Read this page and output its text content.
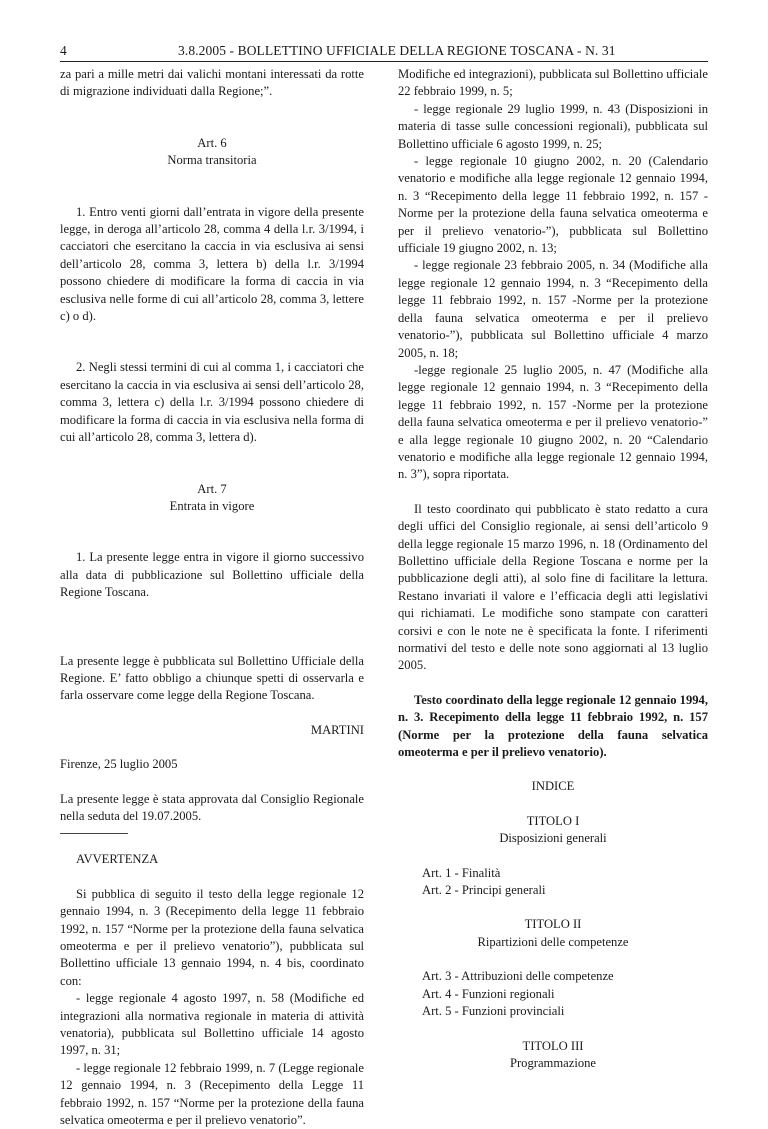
4	3.8.2005 - BOLLETTINO UFFICIALE DELLA REGIONE TOSCANA - N. 31

za pari a mille metri dai valichi montani interessati da rotte di migrazione individuati dalla Regione;”.

Art. 6

Norma transitoria

1. Entro venti giorni dall’entrata in vigore della presente legge, in deroga all’articolo 28, comma 4 della l.r. 3/1994, i cacciatori che esercitano la caccia in via esclusiva ai sensi dell’articolo 28, comma 3, lettera b) della l.r. 3/1994 possono chiedere di modificare la forma di caccia in via esclusiva nelle forme di cui all’articolo 28, comma 3, lettere c) o d).

2. Negli stessi termini di cui al comma 1, i cacciatori che esercitano la caccia in via esclusiva ai sensi dell’articolo 28, comma 3, lettera c) della l.r. 3/1994 possono chiedere di modificare la forma di caccia in via esclusiva nella forma di cui all’articolo 28, comma 3, lettera d).

Art. 7

Entrata in vigore

1. La presente legge entra in vigore il giorno successivo alla data di pubblicazione sul Bollettino ufficiale della Regione Toscana.

La presente legge è pubblicata sul Bollettino Ufficiale della Regione. E’ fatto obbligo a chiunque spetti di osservarla e farla osservare come legge della Regione Toscana.

MARTINI

Firenze, 25 luglio 2005

La presente legge è stata approvata dal Consiglio Regionale nella seduta del 19.07.2005.

AVVERTENZA

Si pubblica di seguito il testo della legge regionale 12 gennaio 1994, n. 3 (Recepimento della legge 11 febbraio 1992, n. 157 “Norme per la protezione della fauna selvatica omeoterma e per il prelievo venatorio”), pubblicata sul Bollettino ufficiale 13 gennaio 1994, n. 4 bis, coordinato con:

- legge regionale 4 agosto 1997, n. 58 (Modifiche ed integrazioni alla normativa regionale in materia di attività venatoria), pubblicata sul Bollettino ufficiale 14 agosto 1997, n. 31;

- legge regionale 12 febbraio 1999, n. 7 (Legge regionale 12 gennaio 1994, n. 3 (Recepimento della Legge 11 febbraio 1992, n. 157 “Norme per la protezione della fauna selvatica omeoterma e per il prelievo venatorio”.

Modifiche ed integrazioni), pubblicata sul Bollettino ufficiale 22 febbraio 1999, n. 5;

- legge regionale 29 luglio 1999, n. 43 (Disposizioni in materia di tasse sulle concessioni regionali), pubblicata sul Bollettino ufficiale 6 agosto 1999, n. 25;

- legge regionale 10 giugno 2002, n. 20 (Calendario venatorio e modifiche alla legge regionale 12 gennaio 1994, n. 3 “Recepimento della legge 11 febbraio 1992, n. 157 -Norme per la protezione della fauna selvatica omeoterma e per il prelievo venatorio-”), pubblicata sul Bollettino ufficiale 19 giugno 2002, n. 13;

- legge regionale 23 febbraio 2005, n. 34 (Modifiche alla legge regionale 12 gennaio 1994, n. 3 “Recepimento della legge 11 febbraio 1992, n. 157 -Norme per la protezione della fauna selvatica omeoterma e per il prelievo venatorio-”), pubblicata sul Bollettino ufficiale 4 marzo 2005, n. 18;

-legge regionale 25 luglio 2005, n. 47 (Modifiche alla legge regionale 12 gennaio 1994, n. 3 “Recepimento della legge 11 febbraio 1992, n. 157 -Norme per la protezione della fauna selvatica omeoterma e per il prelievo venatorio-” e alla legge regionale 10 giugno 2002, n. 20 “Calendario venatorio e modifiche alla legge regionale 12 gennaio 1994, n. 3”), sopra riportata.

Il testo coordinato qui pubblicato è stato redatto a cura degli uffici del Consiglio regionale, ai sensi dell’articolo 9 della legge regionale 15 marzo 1996, n. 18 (Ordinamento del Bollettino ufficiale della Regione Toscana e norme per la pubblicazione degli atti), al solo fine di facilitare la lettura. Restano invariati il valore e l’efficacia degli atti legislativi qui richiamati. Le modifiche sono stampate con caratteri corsivi e con le note ne è specificata la fonte. I riferimenti normativi del testo e delle note sono aggiornati al 13 luglio 2005.

Testo coordinato della legge regionale 12 gennaio 1994, n. 3. Recepimento della legge 11 febbraio 1992, n. 157 (Norme per la protezione della fauna selvatica omeoterma e per il prelievo venatorio).

INDICE

TITOLO I

Disposizioni generali

Art. 1 - Finalità

Art. 2 - Principi generali

TITOLO II

Ripartizioni delle competenze

Art. 3 - Attribuzioni delle competenze

Art. 4 - Funzioni regionali

Art. 5 - Funzioni provinciali

TITOLO III

Programmazione
